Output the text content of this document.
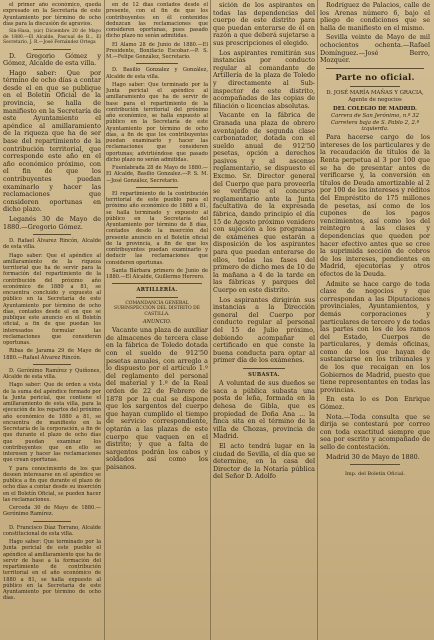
el primer año económico, queda expresado en la Secretaría de este Ayuntamiento por término de ocho días para la discusión de agravios.

Sin-Hasa, (sic) Diciembre 20 de Mayo de 1880.—El Alcalde, Pascual de B... El Secretario, J. R.—José Fernández Ortega

D. Gregorio Gómez y Gómez, Alcalde de esta villa.

Hago saber: Que por término de ocho días a contar desde el en que se publique en el Boletín Oficial de la provincia, se halla de manifiesto en la Secretaría de este Ayuntamiento el apéndice al amillaramiento de la riqueza que ha de ser base del repartimiento de la contribución territorial, que corresponde este año en el año económico próximo, con el fin de que los contribuyentes puedan examinarlo y hacer las reclamaciones que consideren oportunas en dicho plazo.

Leganés 30 de Mayo de 1880.—Gregorio Gómez.

D. Rafael Álvarez Rincón, Alcalde de esta villa.

Hago saber: Que el apéndice al amillaramiento de la riqueza territorial que ha de servir para la formación del repartimiento de la contribución del próximo año económico de 1880 a 81, se encuentra concluido y expuesto al público en la Secretaría de este Ayuntamiento por término de ocho días, contados desde el en que se publique este anuncio en el Boletín oficial, a fin de que puedan los interesados formular las reclamaciones que consideren oportunas.

Ribas de Jarama 29 de Mayo de 1880.—Rafael Álvarez Rincón.

D. Gerónimo Ramírez y Quiñones, Alcalde de esta villa.

Hago saber: Que de orden a vista de la suma del apéndice formado por la Junta pericial, que contiene el amillaramiento de esta villa, para la ejecución de los repartos del próximo año económico de 1880 a 81, se encuentra de manifiesto en la Secretaría de la corporación, a fin de que durante el plazo de ocho días que puedan examinar los contribuyentes que en ello se interesen y hacer las reclamaciones que crean oportunas.

Y para conocimiento de los que deseen interesarse en el apéndice se publica a fin que durante el plazo de ocho días a contar desde su inserción en el Boletín Oficial, se pueden hacer las reclamaciones.

Cerceda 30 de Mayo de 1880.—Gerónimo Ramírez.

D. Francisco Díaz Torrano, Alcalde constitucional de esta villa.

Hago saber: Que terminado por la Junta pericial de este pueblo el apéndice al amillaramiento que ha de servir de base a la formación del repartimiento de contribución territorial en el año económico de 1880 a 81, se halla expuesto al público en la Secretaría de este Ayuntamiento por término de ocho días.

en de 12 días contados desde el presente, con el fin de que los contribuyentes en él contenidos deduzcan las reclamaciones que consideren oportunas, pues pasado dicho plazo no serán admitidas.

El Alamo 28 de Junio de 1880.—El Presidente, Bonifacio Escobar.—P. S. M.—Felipe González, Secretario.

D. Basilio Gonzalez y González, Alcalde de esta villa.

Hago saber: Que terminado por la Junta pericial el apéndice al amillaramiento que ha de servir de base para el repartimiento de la contribución territorial del próximo año económico, se halla expuesto al público en la Secretaría de este Ayuntamiento por término de ocho días, a fin de que los contribuyentes puedan examinarlo y hacer las reclamaciones que consideren oportunas; advirtiéndose que pasado dicho plazo no serán admitidas.

Fuenlabrada 28 de Mayo de 1880.—El Alcalde, Basilio Gonzalez.—P. S. M.—José González, Secretario.

El repartimiento de la contribución territorial de este pueblo para el próximo año económico de 1880 a 81, se halla terminado y expuesto al público en la Secretaría del Ayuntamiento por término de 8 días, contados desde la inserción del presente anuncio en el Boletín oficial de la provincia, a fin de que los contribuyentes puedan examinarlo y deducir las reclamaciones que consideren oportunas.

Santa Bárbara primero de Junio de 1880.—El Alcalde, Guillermo Herrero.

ARTILLERÍA.

COMANDANCIA GENERAL SUBINSPECCIÓN DEL DISTRITO DE CASTILLA.

ANUNCIO.

Vacante una plaza de auxiliar de almacenes de tercera clase en la fábrica de Toledo dotada con el sueldo de 912'50 pesetas anuales, con arreglo a lo dispuesto por el artículo 1.º del reglamento del personal del material y 1.º de la Real orden de 22 de Febrero de 1878 por la cual se dispone que los sargentos del cuerpo que hayan cumplido el tiempo de servicio correspondiente, optarán a las plazas de este cuerpo que vaquen en el distrito; y que a falta de sargentos podrán los cabos y soldados así como los paisanos.

sición de los aspirantes en todas las dependencias del cuerpo de este distrito para que puedan enterarse de él en razón a que deberá sujetarse a sus prescripciones el elegido.

Los aspirantes remitirán sus instancias por conducto regular al comandante de Artillería de la plaza de Toledo y directamente al Sub-inspector de este distrito, acompañadas de las copias de filiación o licencias absolutas.

Vacante en la fábrica de Granada una plaza de obrero aventajado de segunda clase carbonatador, dotada con el sueldo anual de 912'50 pesetas, opción a derechos pasivos y al ascenso reglamentario, se dispuesto el Excmo. Sr. Director general del Cuerpo que para proveerla se verifique el concurso reglamentario ante la Junta facultativa de la expresada fábrica, dando principio el día 15 de Agosto próximo venidero con sujeción a los programas de exámenes que estarán a disposición de los aspirantes para que puedan enterarse de ellos, todas las fases del primero de dicho mes de 10 de la mañana a 4 de la tarde en las fábricas y parques del Cuerpo en este distrito.

Los aspirantes dirigirán sus instancias a la Dirección general del Cuerpo por conducto regular al personal del 15 de Julio próximo, debiendo acompañar el certificado en que conste la buena conducta para optar al primer día de los exámenes.

SUBASTA.

A voluntad de sus dueños se saca a pública subasta una posta de leña, formada en la dehesa de Gibla, que es propiedad de Doña Ana ... la finca sita en el término de la villa de Chozas, provincia de Madrid.

El acto tendrá lugar en la ciudad de Sevilla, el día que se determine, en la casa del Director de la Notaría pública del Señor D. Adolfo

Rodríguez de Palacios, calle de los Arenas número 6, bajo el pliego de condiciones que se halla de manifiesto en el mismo.

Sevilla veinte de Mayo de mil ochocientos ochenta.—Rafael Domínguez.—José Berro, Mozquer.

Parte no oficial.

D. JOSÉ MARÍA MAÑAS Y GRACIA,

Agente de negocios

DEL COLEGIO DE MADRID.

Carrera de San Jerónimo, n.º 32

Carretera baja de S. Pablo 2, 2.º izquierda.

Para hacerse cargo de los intereses de los particulares y de la recaudación de títulos de la Renta perpetua al 3 por 100 que se ha de presentar antes de verificarse y, la conversión en títulos de Deuda amortizable al 2 por 100 de los intereses y réditos del Empréstito de 175 millones de pesetas, así como de los cupones de los pagos vencimientos, así como los del reintegro a las clases y dependencias que queden por hacer efectivo antes que se cree la suprimida sección de cobros de los intereses, pendientes en Madrid, ejecutorias y otros efectos de la Deuda.

Admite se hace cargo de toda clase de negocios y que correspondan a las Diputaciones provinciales, Ayuntamientos, y demás corporaciones y particulares de tercero y de todas las partes con los de los ramos del Estado, Cuerpos de particulares, y demás oficinas, como de los que hayan de sustanciarse en los tribunales y de los que recaigan en los Gobiernos de Madrid, puesto que tiene representantes en todas las provincias.

En esta lo es Don Enrique Gómez.

Nota.—Toda consulta que se dirija se contestará por correo con toda exactitud siempre que sea por escrito y acompañado de sello de contestación.

Madrid 30 de Mayo de 1880.

Imp. del Boletín Oficial.
